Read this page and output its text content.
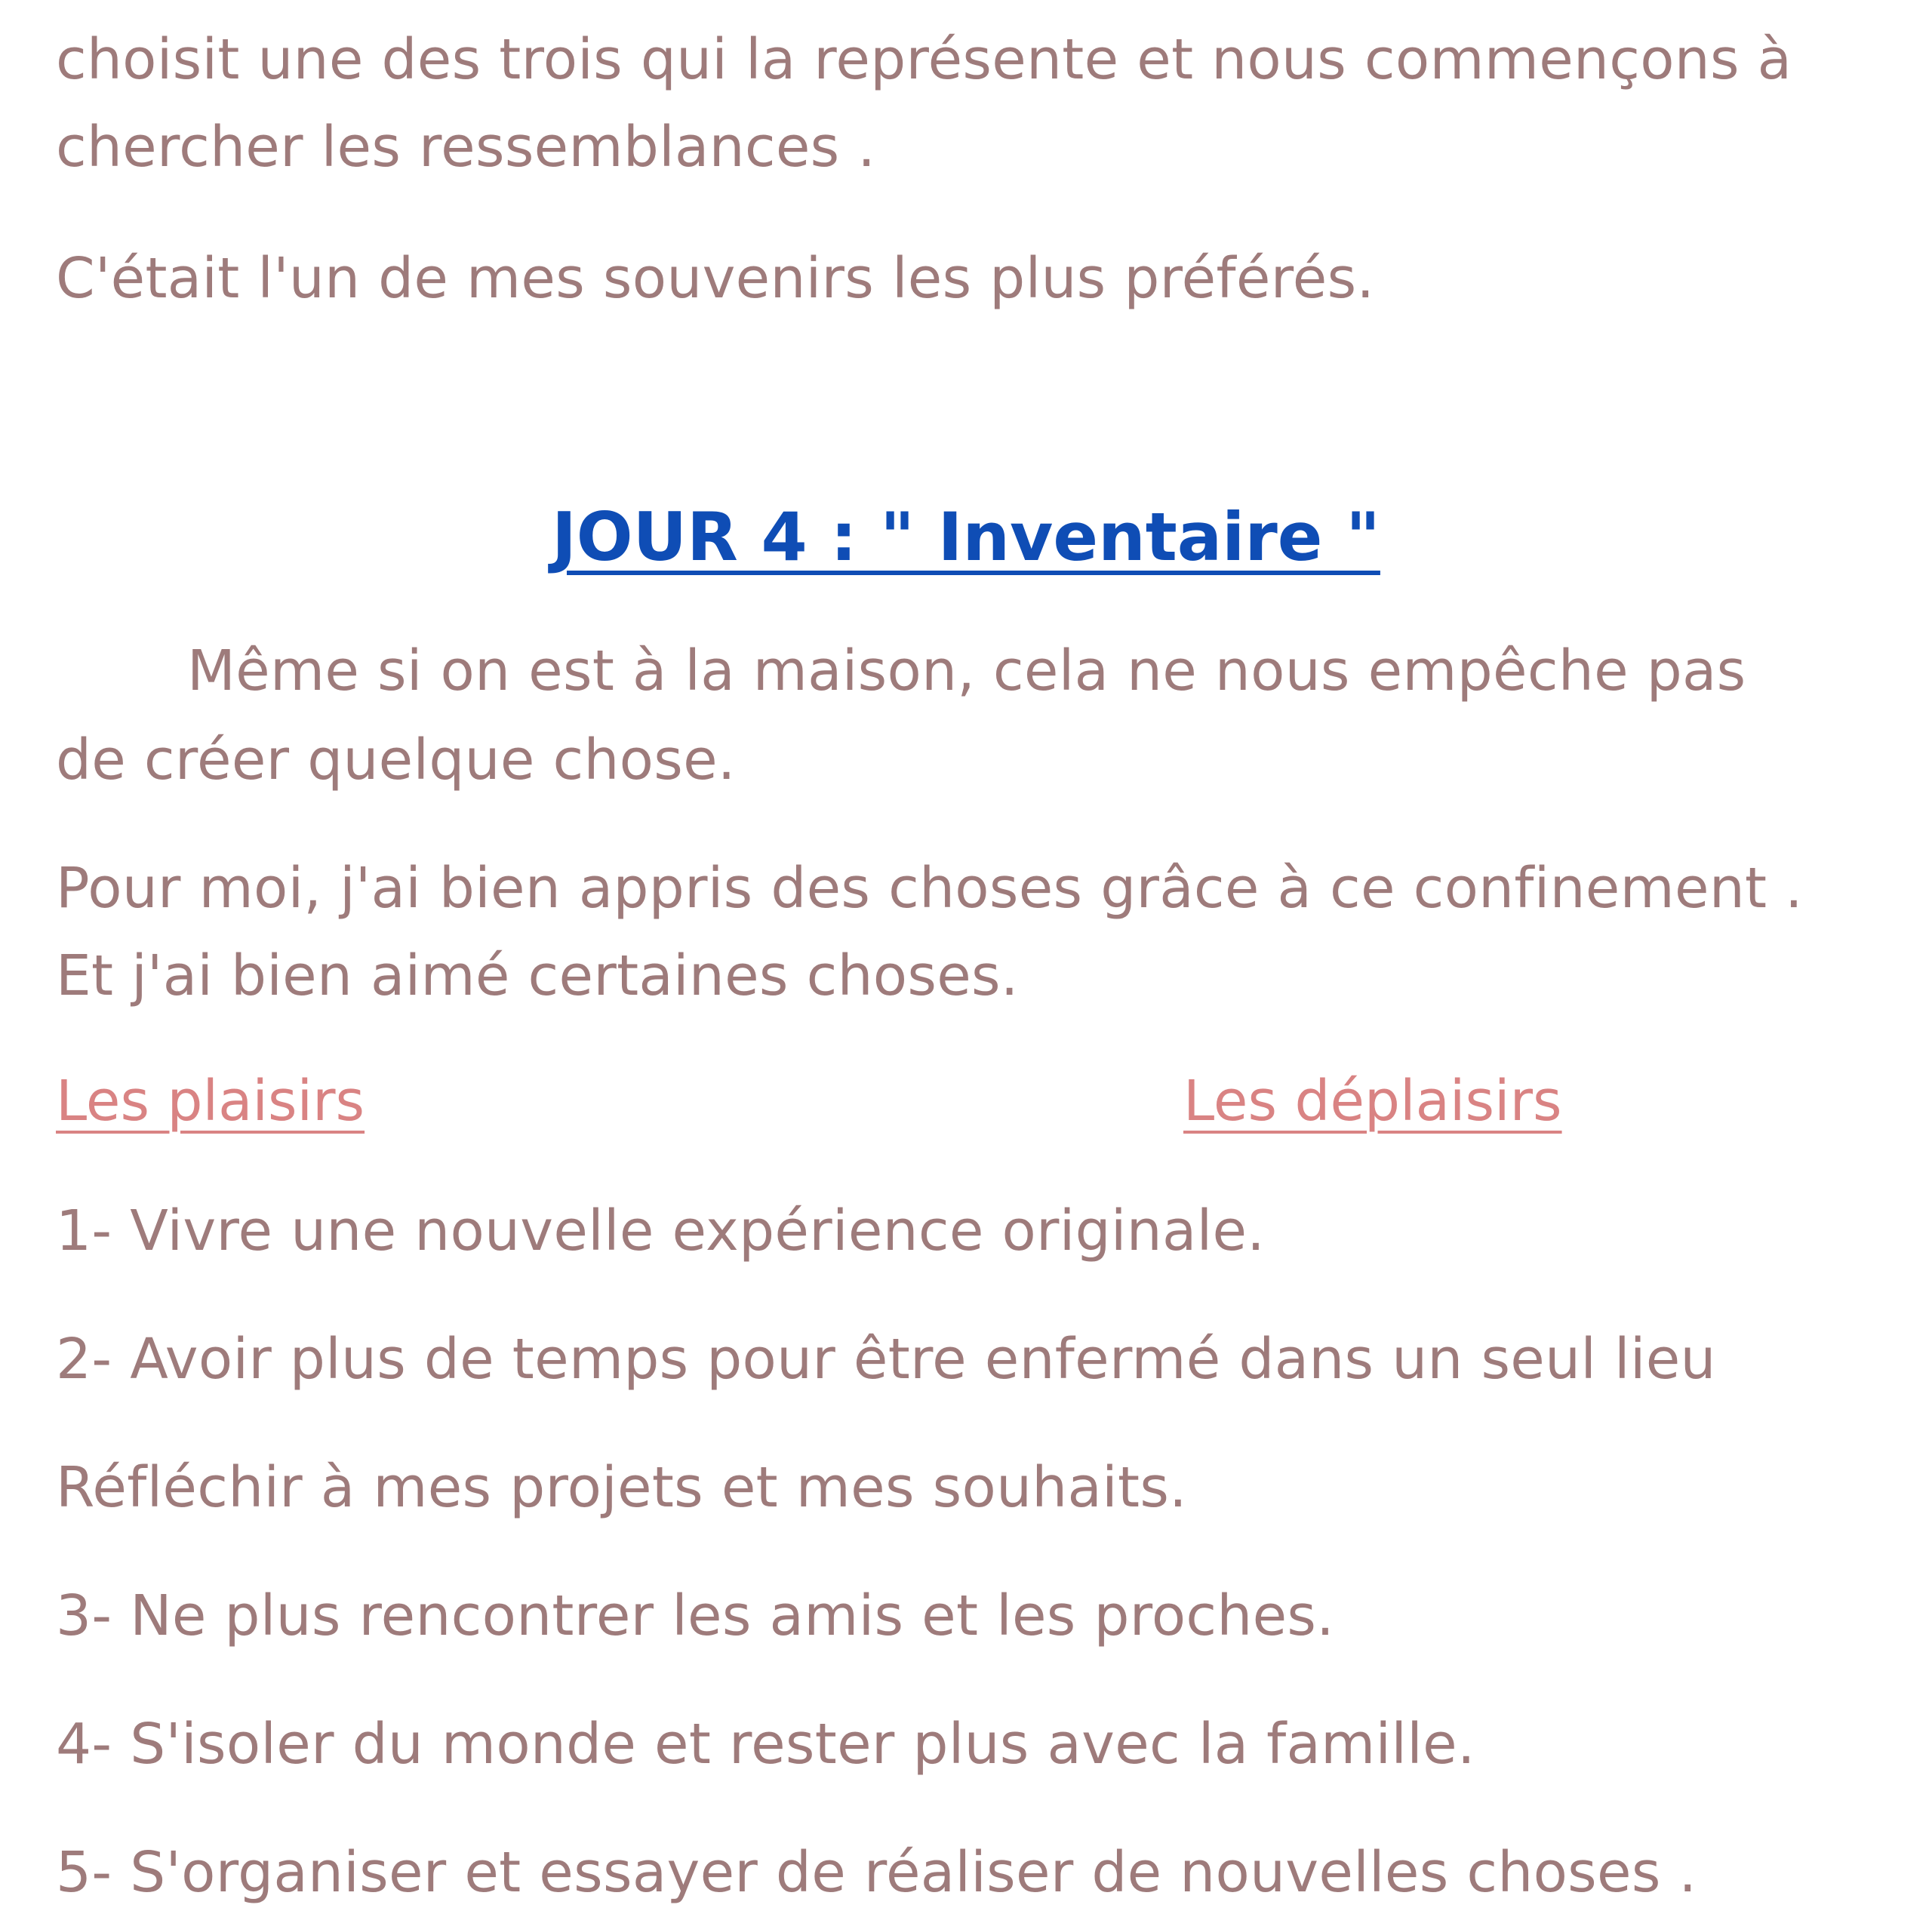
choisit une des trois qui la représente et nous commençons à
chercher les ressemblances .
C'était l'un de mes souvenirs les plus préférés.
JOUR 4 : " Inventaire "
Même si on est à la maison, cela ne nous empêche pas
de créer quelque chose.
Pour moi, j'ai bien appris des choses grâce à ce confinement .
Et j'ai bien aimé certaines choses.
Les plaisirs	Les déplaisirs
1- Vivre une nouvelle expérience originale.
2- Avoir plus de temps pour être enfermé dans un seul lieu
Réfléchir à mes projets et mes souhaits.
3- Ne plus rencontrer les amis et les proches.
4- S'isoler du monde et rester plus avec la famille.
5- S'organiser et essayer de réaliser de nouvelles choses .
